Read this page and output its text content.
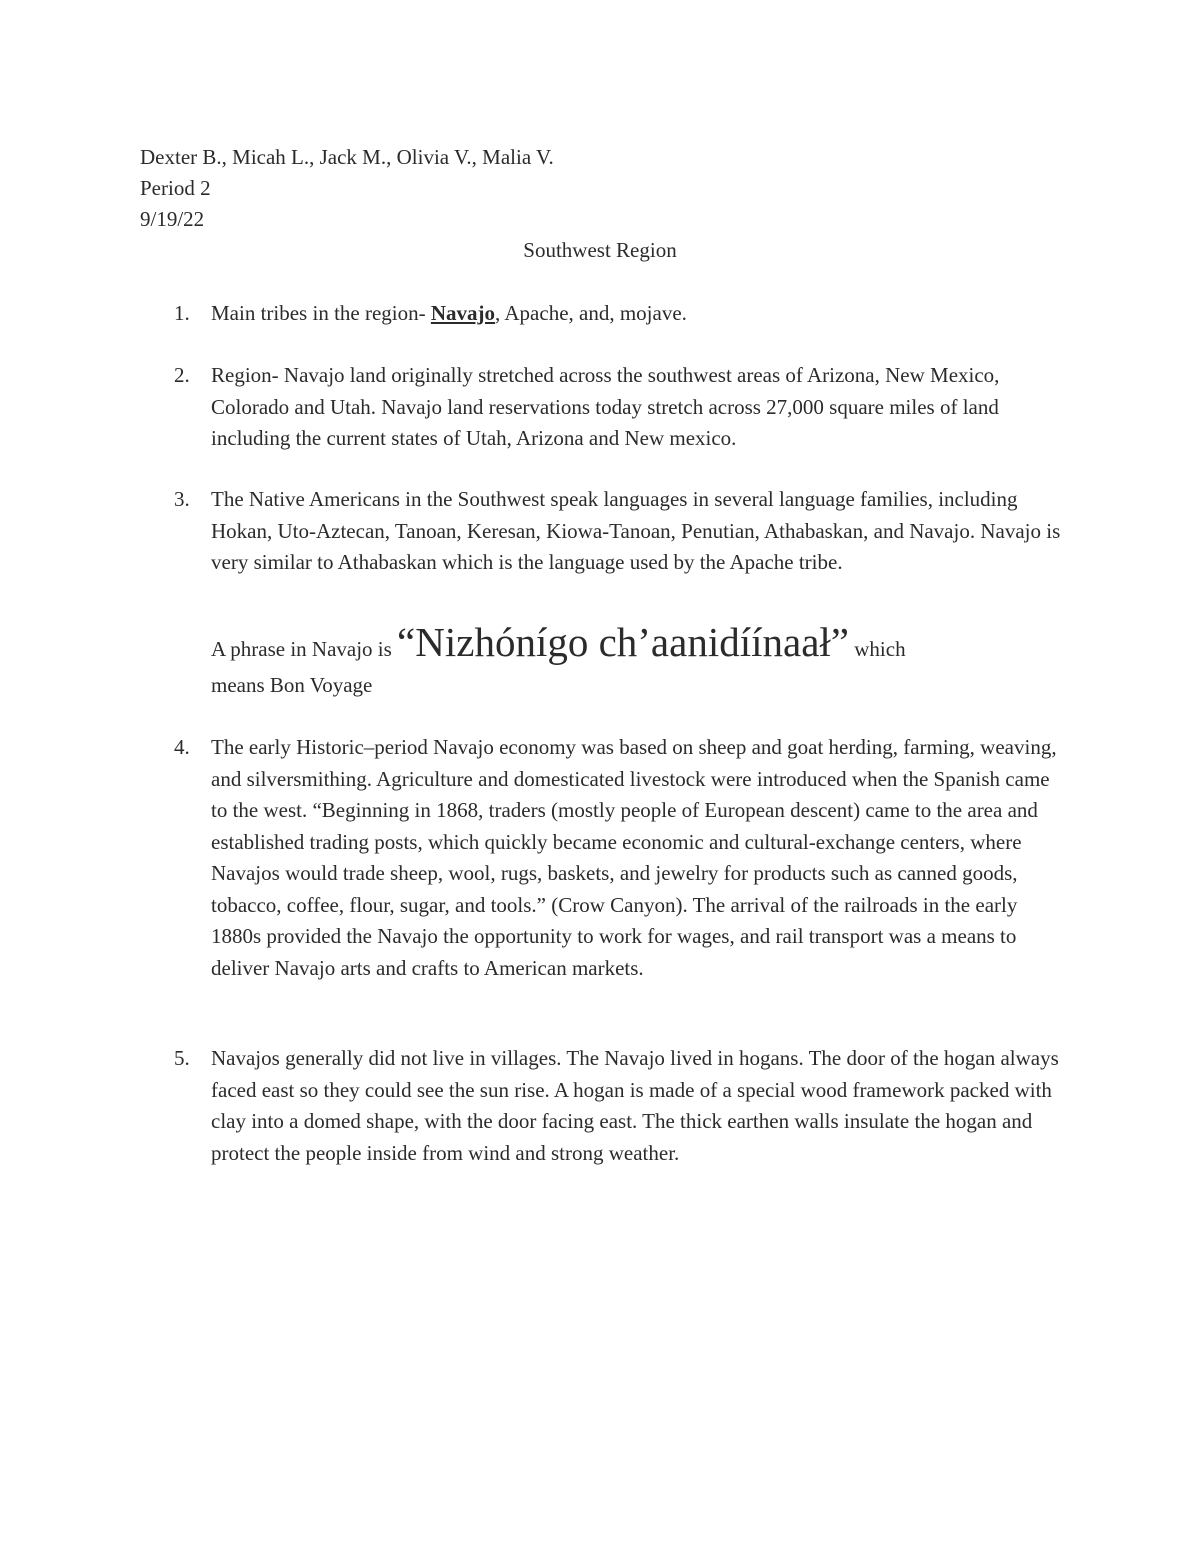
Dexter B., Micah L., Jack M., Olivia V., Malia V.
Period 2
9/19/22
Southwest Region
1. Main tribes in the region- Navajo, Apache, and, mojave.
2. Region- Navajo land originally stretched across the southwest areas of Arizona, New Mexico, Colorado and Utah. Navajo land reservations today stretch across 27,000 square miles of land including the current states of Utah, Arizona and New mexico.
3. The Native Americans in the Southwest speak languages in several language families, including Hokan, Uto-Aztecan, Tanoan, Keresan, Kiowa-Tanoan, Penutian, Athabaskan, and Navajo. Navajo is very similar to Athabaskan which is the language used by the Apache tribe.
A phrase in Navajo is “Nizhónígo ch’aanidíínaał” which
means Bon Voyage
4. The early Historic–period Navajo economy was based on sheep and goat herding, farming, weaving, and silversmithing. Agriculture and domesticated livestock were introduced when the Spanish came to the west. “Beginning in 1868, traders (mostly people of European descent) came to the area and established trading posts, which quickly became economic and cultural-exchange centers, where Navajos would trade sheep, wool, rugs, baskets, and jewelry for products such as canned goods, tobacco, coffee, flour, sugar, and tools.” (Crow Canyon). The arrival of the railroads in the early 1880s provided the Navajo the opportunity to work for wages, and rail transport was a means to deliver Navajo arts and crafts to American markets.
5. Navajos generally did not live in villages. The Navajo lived in hogans. The door of the hogan always faced east so they could see the sun rise. A hogan is made of a special wood framework packed with clay into a domed shape, with the door facing east. The thick earthen walls insulate the hogan and protect the people inside from wind and strong weather.
